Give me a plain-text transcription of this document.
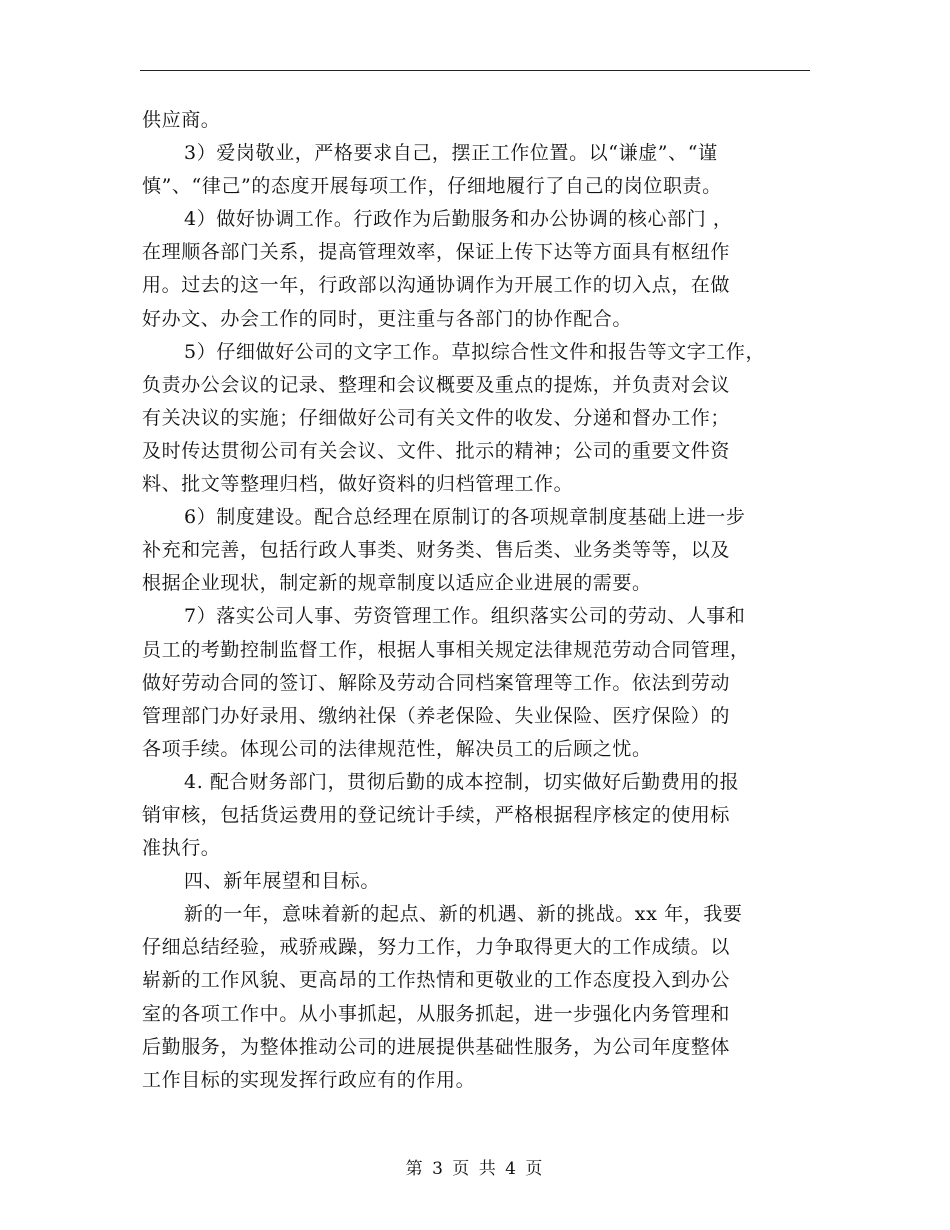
供应商。
3）爱岗敬业，严格要求自己，摆正工作位置。以“谦虚”、“谨
慎”、“律己”的态度开展每项工作，仔细地履行了自己的岗位职责。
4）做好协调工作。行政作为后勤服务和办公协调的核心部门 ，
在理顺各部门关系，提高管理效率，保证上传下达等方面具有枢纽作
用。过去的这一年，行政部以沟通协调作为开展工作的切入点，在做
好办文、办会工作的同时，更注重与各部门的协作配合。
5）仔细做好公司的文字工作。草拟综合性文件和报告等文字工作，
负责办公会议的记录、整理和会议概要及重点的提炼，并负责对会议
有关决议的实施；仔细做好公司有关文件的收发、分递和督办工作；
及时传达贯彻公司有关会议、文件、批示的精神；公司的重要文件资
料、批文等整理归档，做好资料的归档管理工作。
6）制度建设。配合总经理在原制订的各项规章制度基础上进一步
补充和完善，包括行政人事类、财务类、售后类、业务类等等，以及
根据企业现状，制定新的规章制度以适应企业进展的需要。
7）落实公司人事、劳资管理工作。组织落实公司的劳动、人事和
员工的考勤控制监督工作，根据人事相关规定法律规范劳动合同管理，
做好劳动合同的签订、解除及劳动合同档案管理等工作。依法到劳动
管理部门办好录用、缴纳社保（养老保险、失业保险、医疗保险）的
各项手续。体现公司的法律规范性，解决员工的后顾之忧。
4. 配合财务部门，贯彻后勤的成本控制，切实做好后勤费用的报
销审核，包括货运费用的登记统计手续，严格根据程序核定的使用标
准执行。
四、新年展望和目标。
新的一年，意味着新的起点、新的机遇、新的挑战。xx 年，我要
仔细总结经验，戒骄戒躁，努力工作，力争取得更大的工作成绩。以
崭新的工作风貌、更高昂的工作热情和更敬业的工作态度投入到办公
室的各项工作中。从小事抓起，从服务抓起，进一步强化内务管理和
后勤服务，为整体推动公司的进展提供基础性服务，为公司年度整体
工作目标的实现发挥行政应有的作用。
第 3 页 共 4 页
